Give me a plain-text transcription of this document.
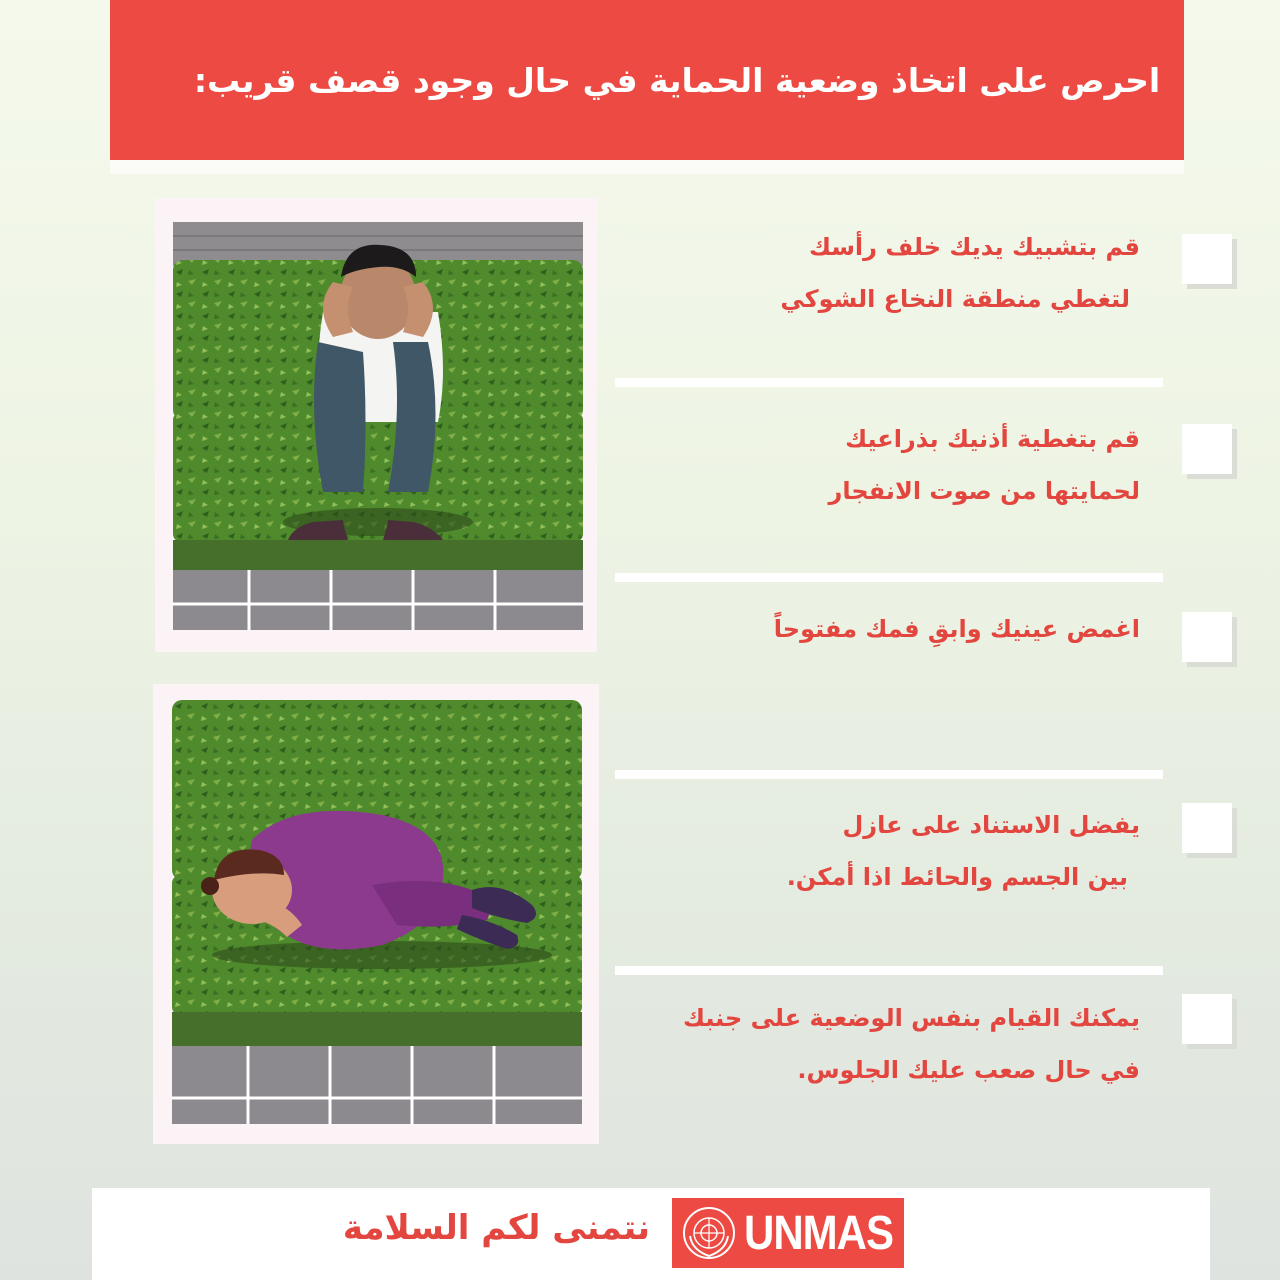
احرص على اتخاذ وضعية الحماية في حال وجود قصف قريب:
قم بتشبيك يديك خلف رأسك
لتغطي منطقة النخاع الشوكي
قم بتغطية أذنيك بذراعيك
لحمايتها من صوت الانفجار
اغمض عينيك وابقِ فمك مفتوحاً
يفضل الاستناد على عازل
بين الجسم والحائط اذا أمكن.
يمكنك القيام بنفس الوضعية على جنبك
في حال صعب عليك الجلوس.
نتمنى لكم السلامة UNMAS
